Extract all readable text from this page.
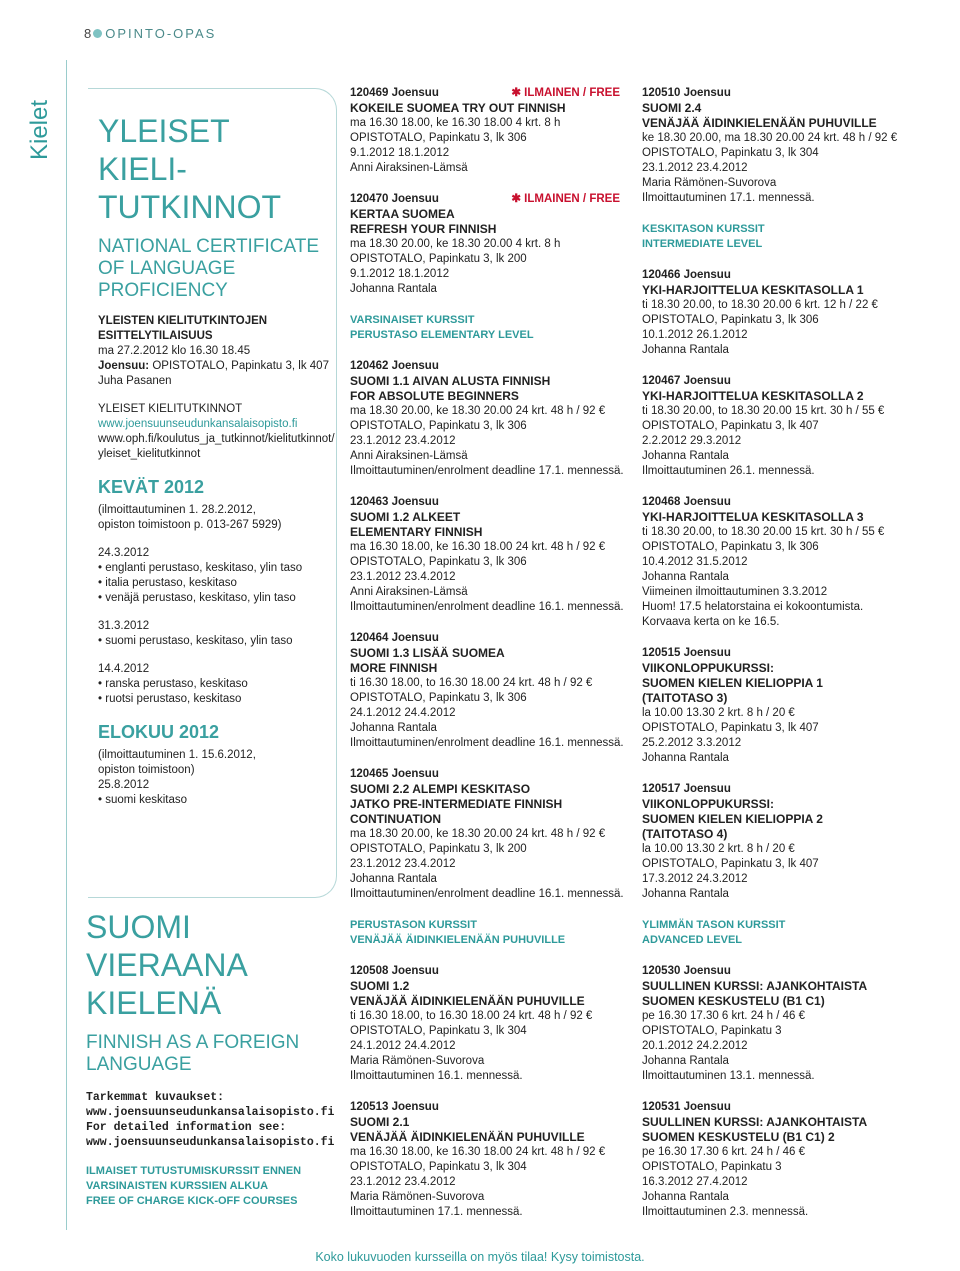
8 OPINTO-OPAS
Kielet YLEISET
KIELI-
TUTKINNOT
NATIONAL CERTIFICATE
OF LANGUAGE
PROFICIENCY
YLEISTEN KIELITUTKINTOJEN
ESITTELYTILAISUUS
ma 27.2.2012 klo 16.30 18.45
Joensuu: OPISTOTALO, Papinkatu 3, lk 407
Juha Pasanen
YLEISET KIELITUTKINNOT
www.joensuunseudunkansalaisopisto.fi
www.oph.fi/koulutus_ja_tutkinnot/kielitutkinnot/
yleiset_kielitutkinnot
KEVÄT 2012
(ilmoittautuminen 1. 28.2.2012,
opiston toimistoon p. 013-267 5929)
24.3.2012
• englanti perustaso, keskitaso, ylin taso
• italia perustaso, keskitaso
• venäjä perustaso, keskitaso, ylin taso
31.3.2012
• suomi perustaso, keskitaso, ylin taso
14.4.2012
• ranska perustaso, keskitaso
• ruotsi perustaso, keskitaso
ELOKUU 2012
(ilmoittautuminen 1. 15.6.2012,
opiston toimistoon)
25.8.2012
• suomi keskitaso
SUOMI
VIERAANA
KIELENÄ
FINNISH AS A FOREIGN
LANGUAGE
Tarkemmat kuvaukset:
www.joensuunseudunkansalaisopisto.fi
For detailed information see:
www.joensuunseudunkansalaisopisto.fi
ILMAISET TUTUSTUMISKURSSIT ENNEN
VARSINAISTEN KURSSIEN ALKUA
FREE OF CHARGE KICK-OFF COURSES
120469 Joensuu	✱ ILMAINEN / FREE
KOKEILE SUOMEA TRY OUT FINNISH
ma 16.30 18.00, ke 16.30 18.00 4 krt. 8 h
OPISTOTALO, Papinkatu 3, lk 306
9.1.2012 18.1.2012
Anni Airaksinen-Lämsä
120470 Joensuu	✱ ILMAINEN / FREE
KERTAA SUOMEA
REFRESH YOUR FINNISH
ma 18.30 20.00, ke 18.30 20.00 4 krt. 8 h
OPISTOTALO, Papinkatu 3, lk 200
9.1.2012 18.1.2012
Johanna Rantala
VARSINAISET KURSSIT
PERUSTASO ELEMENTARY LEVEL
120462 Joensuu
SUOMI 1.1 AIVAN ALUSTA FINNISH
FOR ABSOLUTE BEGINNERS
ma 18.30 20.00, ke 18.30 20.00 24 krt. 48 h / 92 €
OPISTOTALO, Papinkatu 3, lk 306
23.1.2012 23.4.2012
Anni Airaksinen-Lämsä
Ilmoittautuminen/enrolment deadline 17.1. mennessä.
120463 Joensuu
SUOMI 1.2 ALKEET
ELEMENTARY FINNISH
ma 16.30 18.00, ke 16.30 18.00 24 krt. 48 h / 92 €
OPISTOTALO, Papinkatu 3, lk 306
23.1.2012 23.4.2012
Anni Airaksinen-Lämsä
Ilmoittautuminen/enrolment deadline 16.1. mennessä.
120464 Joensuu
SUOMI 1.3 LISÄÄ SUOMEA
MORE FINNISH
ti 16.30 18.00, to 16.30 18.00 24 krt. 48 h / 92 €
OPISTOTALO, Papinkatu 3, lk 306
24.1.2012 24.4.2012
Johanna Rantala
Ilmoittautuminen/enrolment deadline 16.1. mennessä.
120465 Joensuu
SUOMI 2.2 ALEMPI KESKITASO
JATKO PRE-INTERMEDIATE FINNISH
CONTINUATION
ma 18.30 20.00, ke 18.30 20.00 24 krt. 48 h / 92 €
OPISTOTALO, Papinkatu 3, lk 200
23.1.2012 23.4.2012
Johanna Rantala
Ilmoittautuminen/enrolment deadline 16.1. mennessä.
PERUSTASON KURSSIT
VENÄJÄÄ ÄIDINKIELENÄÄN PUHUVILLE
120508 Joensuu
SUOMI 1.2
VENÄJÄÄ ÄIDINKIELENÄÄN PUHUVILLE
ti 16.30 18.00, to 16.30 18.00 24 krt. 48 h / 92 €
OPISTOTALO, Papinkatu 3, lk 304
24.1.2012 24.4.2012
Maria Rämönen-Suvorova
Ilmoittautuminen 16.1. mennessä.
120513 Joensuu
SUOMI 2.1
VENÄJÄÄ ÄIDINKIELENÄÄN PUHUVILLE
ma 16.30 18.00, ke 16.30 18.00 24 krt. 48 h / 92 €
OPISTOTALO, Papinkatu 3, lk 304
23.1.2012 23.4.2012
Maria Rämönen-Suvorova
Ilmoittautuminen 17.1. mennessä.
120510 Joensuu
SUOMI 2.4
VENÄJÄÄ ÄIDINKIELENÄÄN PUHUVILLE
ke 18.30 20.00, ma 18.30 20.00 24 krt. 48 h / 92 €
OPISTOTALO, Papinkatu 3, lk 304
23.1.2012 23.4.2012
Maria Rämönen-Suvorova
Ilmoittautuminen 17.1. mennessä.
KESKITASON KURSSIT
INTERMEDIATE LEVEL
120466 Joensuu
YKI-HARJOITTELUA KESKITASOLLA 1
ti 18.30 20.00, to 18.30 20.00 6 krt. 12 h / 22 €
OPISTOTALO, Papinkatu 3, lk 306
10.1.2012 26.1.2012
Johanna Rantala
120467 Joensuu
YKI-HARJOITTELUA KESKITASOLLA 2
ti 18.30 20.00, to 18.30 20.00 15 krt. 30 h / 55 €
OPISTOTALO, Papinkatu 3, lk 407
2.2.2012 29.3.2012
Johanna Rantala
Ilmoittautuminen 26.1. mennessä.
120468 Joensuu
YKI-HARJOITTELUA KESKITASOLLA 3
ti 18.30 20.00, to 18.30 20.00 15 krt. 30 h / 55 €
OPISTOTALO, Papinkatu 3, lk 306
10.4.2012 31.5.2012
Johanna Rantala
Viimeinen ilmoittautuminen 3.3.2012
Huom! 17.5 helatorstaina ei kokoontumista.
Korvaava kerta on ke 16.5.
120515 Joensuu
VIIKONLOPPUKURSSI:
SUOMEN KIELEN KIELIOPPIA 1
(TAITOTASO 3)
la 10.00 13.30 2 krt. 8 h / 20 €
OPISTOTALO, Papinkatu 3, lk 407
25.2.2012 3.3.2012
Johanna Rantala
120517 Joensuu
VIIKONLOPPUKURSSI:
SUOMEN KIELEN KIELIOPPIA 2
(TAITOTASO 4)
la 10.00 13.30 2 krt. 8 h / 20 €
OPISTOTALO, Papinkatu 3, lk 407
17.3.2012 24.3.2012
Johanna Rantala
YLIMMÄN TASON KURSSIT
ADVANCED LEVEL
120530 Joensuu
SUULLINEN KURSSI: AJANKOHTAISTA
SUOMEN KESKUSTELU (B1 C1)
pe 16.30 17.30 6 krt. 24 h / 46 €
OPISTOTALO, Papinkatu 3
20.1.2012 24.2.2012
Johanna Rantala
Ilmoittautuminen 13.1. mennessä.
120531 Joensuu
SUULLINEN KURSSI: AJANKOHTAISTA
SUOMEN KESKUSTELU (B1 C1) 2
pe 16.30 17.30 6 krt. 24 h / 46 €
OPISTOTALO, Papinkatu 3
16.3.2012 27.4.2012
Johanna Rantala
Ilmoittautuminen 2.3. mennessä.
Koko lukuvuoden kursseilla on myös tilaa! Kysy toimistosta.
